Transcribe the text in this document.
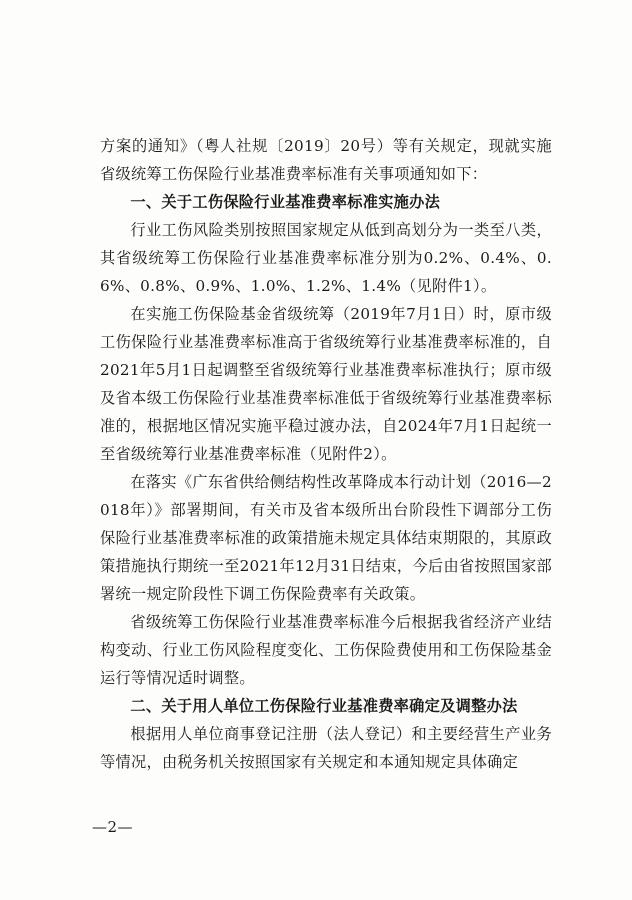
方案的通知》（粤人社规〔2019〕20号）等有关规定，现就实施省级统筹工伤保险行业基准费率标准有关事项通知如下：

一、关于工伤保险行业基准费率标准实施办法

行业工伤风险类别按照国家规定从低到高划分为一类至八类，其省级统筹工伤保险行业基准费率标准分别为0.2%、0.4%、0.6%、0.8%、0.9%、1.0%、1.2%、1.4%（见附件1）。

在实施工伤保险基金省级统筹（2019年7月1日）时，原市级工伤保险行业基准费率标准高于省级统筹行业基准费率标准的，自2021年5月1日起调整至省级统筹行业基准费率标准执行；原市级及省本级工伤保险行业基准费率标准低于省级统筹行业基准费率标准的，根据地区情况实施平稳过渡办法，自2024年7月1日起统一至省级统筹行业基准费率标准（见附件2）。

在落实《广东省供给侧结构性改革降成本行动计划（2016—2018年）》部署期间，有关市及省本级所出台阶段性下调部分工伤保险行业基准费率标准的政策措施未规定具体结束期限的，其原政策措施执行期统一至2021年12月31日结束，今后由省按照国家部署统一规定阶段性下调工伤保险费率有关政策。

省级统筹工伤保险行业基准费率标准今后根据我省经济产业结构变动、行业工伤风险程度变化、工伤保险费使用和工伤保险基金运行等情况适时调整。

二、关于用人单位工伤保险行业基准费率确定及调整办法

根据用人单位商事登记注册（法人登记）和主要经营生产业务等情况，由税务机关按照国家有关规定和本通知规定具体确定

—2—
